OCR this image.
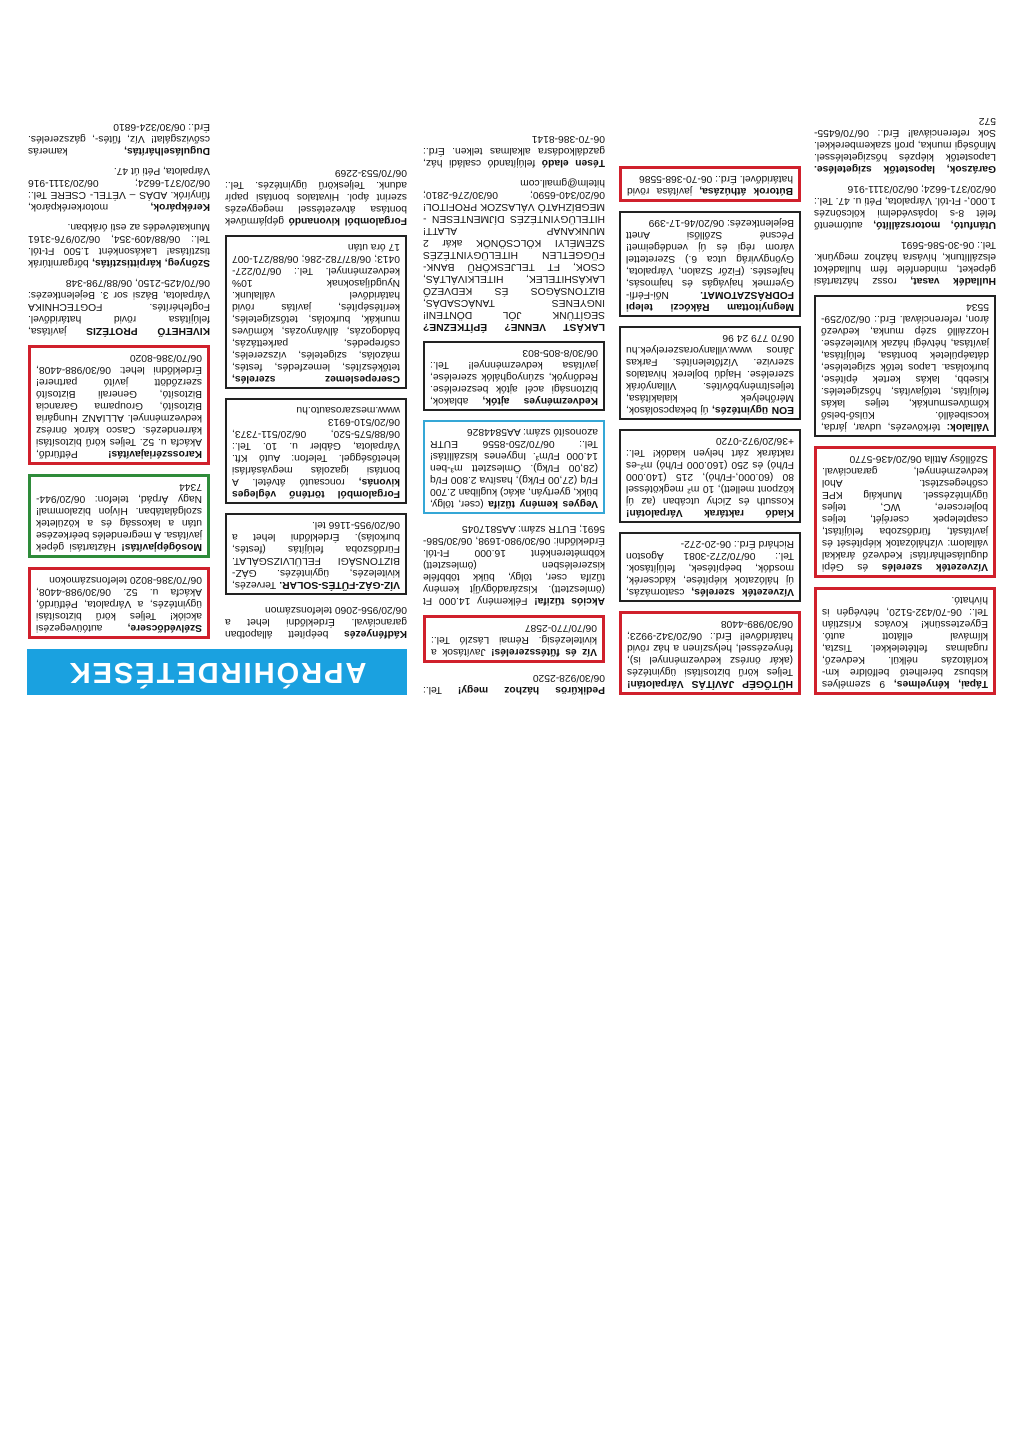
APRÓHIRDETÉSEK	Tápai, kényelmes, 9 személyes kisbusz bérelhető belföldre km-korlátozás nélkül. Kedvező, rugalmas feltételekkel. Tiszta, klímával ellátott autó. Egyeztessünk! Kovács Krisztián Tel.: 06-70/432-5120, hétvégén is hívható.
Vízvezeték szerelés és Gépi duguláselhárítás! Kedvező árakkal vállalom: vízhálózatok kiépítését és javítását, fürdőszoba felújítást, csaptelepek cseréjét, teljes bojlercsere, WC, teljes ügyintézéssel. Munkáig KPE csőhegesztést. Ahol kedvezménnyel, garanciával. Szőllősy Attila 06/20/436-5770
Vállalok: térkövezés, udvar, járda, kocsibeálló. Külső-belső kőművesmunkák, teljes lakás felújítás, tetőjavítás, hőszigetelés. Kisebb, lakás kertek építése, burkolása. Lapos tetők szigetelése, dátaépületek bontása, felújítása, javítása, hétvégi házak kivitelezése. Hozzáillő szép munka, kedvező áron, referenciával. Érd.: 06/20/259-5534
Hulladék vasat, rossz háztartási gépeket, mindenféle fém hulladékot elszállítunk, hívásra házhoz megyünk. Tel.: 06-30-586-5691
Utánfutó, motorszállító, autómentő felét 8-s lopásvédelmi kölcsönzés 1.000,- Ft-tól. Várpalota, Péti u. 47. Tel.: 06/20/371-6624; 06/20/3111-916
Garázsok, lapostetők szigetelése. Lapostetők kiépzés hőszigeteléssel. Minőségi munka, profi szakemberekkel. Sok referenciával! Érd.: 06/70/6455-572
HŰTŐGÉP JAVÍTÁS Várpalotán! Teljes körű biztosítási ügyintézés (akár önrész kedvezménnyel is), fényezéssel, helyszínen a ház rövid határidővel! Érd.: 06/20/342-9923; 06/30/989-4408
Vízvezeték szerelés, csatornázás, új hálózatok kiépítése, kádcserék, mosdók, beépítések, felújítások. Tel.: 06/70/272-3081 Ágoston Richárd Érd.: 06-20-272-
Kiadó raktárak Várpalotán! Kossuth és Zichy utcában (az új központ mellett), 10 m² megkötéssel 80 (60.000,-Ft/hó), 215 (140.000 Ft/hó) és 250 (160.000 Ft/hó) m²-es raktárak zárt helyen kiadók! Tel.: +36/20/972-0720
EON ügyintézés, új bekapcsolások, Mérőhelyek kialakítása, teljesítménybővítés. Villanyórák szerelése. Hajdú bojlerek hivatalos szervize. Vízfőtelenítés. Farkas János www.villanyoraszerelyek.hu 0670 779 24 96
Megnyitottam Rákóczi telepi FODRÁSZATOMAT. Női-Férfi-Gyermek hajvágás és hajmosás, hajfestés. (Fizőr Szalon, Várpalota, Gyöngyvirág utca 6.) Szeretettel várom régi és új vendégeimet! Pécsné Szőllősi Anett Bejelentkezés: 06/20/46-17-399
Bútorok áthúzása, javítása rövid határidővel. Érd.: 06-70-368-5586
Pedikűrös házhoz megy! Tel.: 06/30/928-2520
Víz és fűtésszerelés! Javítások a kivitelezésig. Rémai László Tel.: 06/70/770-2587
Akciós tűzifa! Félkemény 14.000 Ft (ömlesztett). Kiszáradógyűjt kemény tűzifa cser, tölgy, bükk többféle kiszerelésben (ömlesztett) köbméterenként 16.000 Ft-tól. Érdeklődni: 06/30/980-1698, 06/30/586-5691; EUTR szám: AA5817045
Vegyes kemény tűzifa (cser, tölgy, bükk, gyertyán, akác) kugliban 2.700 Ft/q (27,00 Ft/kg), hasítva 2.800 Ft/q (28,00 Ft/kg). Ömlesztett m³-ben 14.000 Ft/m³. Ingyenes kiszállítás! Tel.: 06/70/250-8556 EUTR azonosító szám: AA5844826
Kedvezményes ajtók, ablakok, biztonsági acél ajtók beszerelése. Redőnyök, szúnyoghálók szerelése, javítása kedvezménnyel! Tel.: 06/30/8-805-803
LAKÁST VENNE? ÉPÍTKEZNE? SEGÍTÜNK JÓL DÖNTENI! INGYENES TANÁCSADÁS, BIZTONSÁGOS ÉS KEDVEZŐ LAKÁSHITELEK, HITELKIVÁLTÁS, CSOK, FT TELJESKÖRŰ BANK-FÜGGETLEN HITELÜGYINTÉZÉS SZEMÉLYI KÖLCSÖNÖK akár 2 MUNKANAP ALATT! HITELÜGYINTÉZÉS DÍJMENTESEN - MEGBÍZHATÓ VÁLASZOK PROFITOL! 06/20/340-6590; 06/30/276-2810; hitelm@gmail.com
Tésen eladó felújítandó családi ház, gazdálkodásra alkalmas telken. Érd.: 06-70-386-8141
Kádfényezés beépített állapotban garanciával. Érdeklődni lehet a 06/20/956-2060 telefonszámon
VÍZ-GÁZ-FŰTÉS-SOLAR. Tervezés, kivitelezés, ügyintézés. GÁZ-BIZTONSÁGI FELÜLVIZSGÁLAT. Fürdőszoba felújítás (festés, burkolás). Érdeklődni lehet a 06/20/955-1166 tel.
Forgalomból történő végleges kivonás, roncsautó átvétel. A bontási igazolás megvásárlási lehetőséggel. Telefon: Autó Kft. Várpalota, Gábler u. 10. Tel.: 06/88/575-520, 06/20/511-7373, 06/20/510-6913 www.meszarosauto.hu
Cserepeslemez szerelés, tetőkészítés, lemezfedés, festés, mázolás, szigetelés, vízszerelés, csőrepedés, parkettázás, bádogozás, állványozás, kőműves munkák, burkolás, tetőszigetelés, kerítésépítés, javítás rövid határidővel vállalunk. Nyugdíjasoknak 10% kedvezménnyel. Tel.: 06/70/227-0413; 06/87/782-286; 06/88/271-007 17 óra után
Forgalomból kivonandó gépjárművek bontása átvezetéssel megegyezés szerint ápol. Hivatalos bontási papír adunk. Teljeskörű ügyintézés. Tel.: 06/70/553-2269
Szélvédőcsere, autóüvegezési akciók! Teljes körű biztosítási ügyintézés, a Várpalota, Pétfürdő, Akácfa u. 52. 06/30/988-4408, 06/70/386-8020 telefonszámokon
Mosógépjavítás! Háztartási gépek javítása. A megrendelés beérkezése után a lakosság és a közületek szolgálatában. Hívjon bizalommal! Nagy Árpád, telefon: 06/20/944-7344
Karosszériajavítás! Pétfürdő, Akácfa u. 52. Teljes körű biztosítási kárrendezés. Casco károk önrész kedvezménnyel. ALLIANZ Hungária Biztosító, Groupama Garancia Biztosító, Generali Biztosító szerződött javító partnere! Érdeklődni lehet: 06/30/988-4408, 06/70/386-8020
KIVEHETŐ PROTÉZIS javítása, felújítása rövid határidővel. Fogfehérítés. FOGTECHNIKA Várpalota, Bázsi sor 3. Bejelentkezés: 06/70/425-2150, 06/88/798-348
Szőnyeg, kárpittisztítás, bőrgarnitúrák tisztítása! Lakásonként 1.500 Ft-tól. Tel.: 06/88/409-354, 06/20/976-3161 Munkatévedés az esti órákban.
Kerékpárok, motorkerékpárok, fűnyírók. ADÁS – VÉTEL- CSERE Tel.: 06/20/371-6624; 06/20/3111-916 Várpalota, Péti út 47.
Duguláselhárítás, kamerás csővizsgálat! Víz, fűtés-, gázszerelés. Érd.: 06/30/324-6810
